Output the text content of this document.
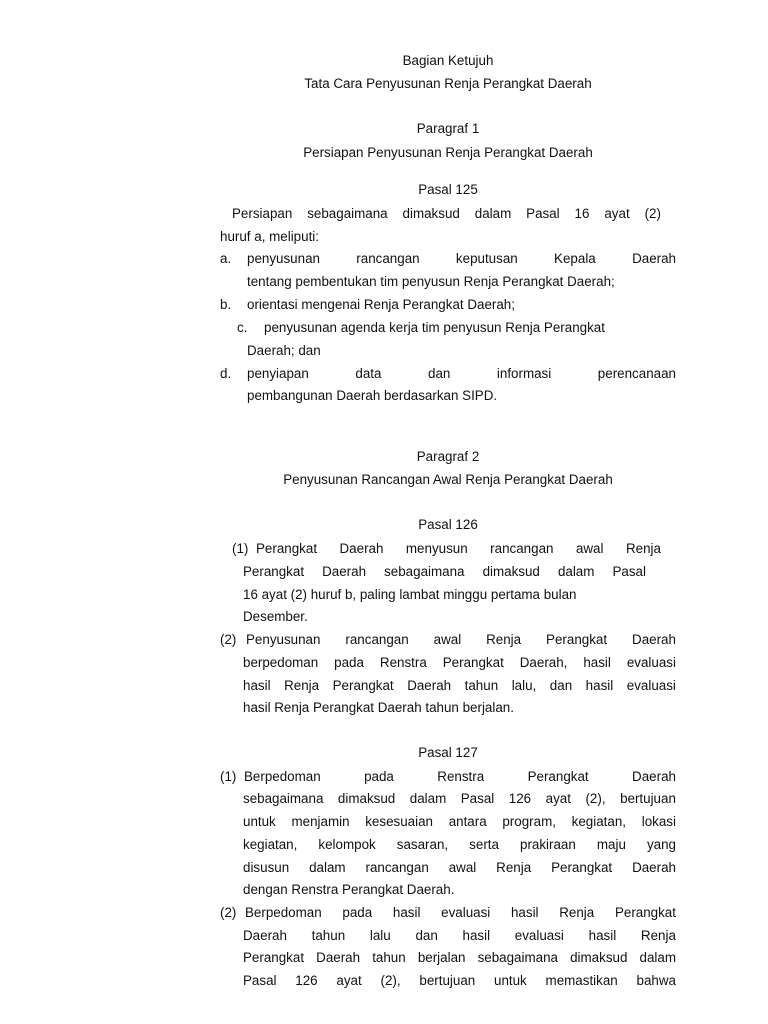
Bagian Ketujuh
Tata Cara Penyusunan Renja Perangkat Daerah
Paragraf 1
Persiapan Penyusunan Renja Perangkat Daerah
Pasal 125
Persiapan sebagaimana dimaksud dalam Pasal 16 ayat (2)
huruf a, meliputi:
a. penyusunan	rancangan	keputusan	Kepala	Daerah
tentang pembentukan tim penyusun Renja Perangkat Daerah;
b. orientasi mengenai Renja Perangkat Daerah;
c. penyusunan agenda kerja tim penyusun Renja Perangkat
Daerah; dan
d. penyiapan	data	dan	informasi	perencanaan
pembangunan Daerah berdasarkan SIPD.
Paragraf 2
Penyusunan Rancangan Awal Renja Perangkat Daerah
Pasal 126
(1) Perangkat Daerah menyusun rancangan awal Renja
Perangkat Daerah sebagaimana dimaksud dalam Pasal
16 ayat (2) huruf b, paling lambat minggu pertama bulan
Desember.
(2) Penyusunan rancangan awal Renja Perangkat Daerah
berpedoman pada Renstra Perangkat Daerah, hasil evaluasi
hasil Renja Perangkat Daerah tahun lalu, dan hasil evaluasi
hasil Renja Perangkat Daerah tahun berjalan.
Pasal 127
(1) Berpedoman	pada	Renstra	Perangkat	Daerah
sebagaimana dimaksud dalam Pasal 126 ayat (2), bertujuan
untuk menjamin kesesuaian antara program, kegiatan, lokasi
kegiatan, kelompok sasaran, serta prakiraan maju yang
disusun dalam rancangan awal Renja Perangkat Daerah
dengan Renstra Perangkat Daerah.
(2) Berpedoman pada hasil evaluasi hasil Renja Perangkat
Daerah tahun lalu dan hasil evaluasi hasil Renja
Perangkat Daerah tahun berjalan sebagaimana dimaksud dalam
Pasal 126 ayat (2), bertujuan untuk memastikan bahwa
